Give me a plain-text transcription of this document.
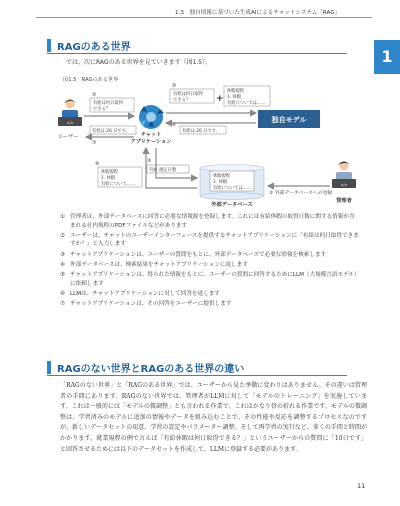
1.3　独自情報に基づいた生成AIによるチャットシステム「RAG」
1
RAGのある世界
では、次にRAGのある世界を見ていきます（図1.5）。
図1.5　RAGのある世界
</>
ユーザー
②
有給は何日取得
できる？
有給は 20 日です。
⑦
チャット
アプリケーション
⑤
有給は何日取得
できる？	+
休暇規程
1. 休暇
有給については……
⑥
有給は 20 日です。
独自モデル
④
休暇規程
1. 休暇
有給について……
③
有給 規定日数
休暇規程
1. 休暇
有給については……
外部データベース
① 外部データベースへの登録
</>
管理者
① 管理者は、外部データベースに回答に必要な情報源を登録します。これには有給休暇の取得日数に関する情報が含まれる社内規程のPDFファイルなどがあります
② ユーザーは、チャットのユーザーインターフェースを提供するチャットアプリケーションに「有給は何日取得できますか？」と入力します
③ チャットアプリケーションは、ユーザーの質問をもとに、外部データベースで必要な情報を検索します
④ 外部データベースは、検索結果をチャットアプリケーションに返します
⑤ チャットアプリケーションは、得られた情報をもとに、ユーザーの質問に回答するためにLLM（大規模言語モデル）に依頼します
⑥ LLMは、チャットアプリケーションに対して回答を返します
⑦ チャットアプリケーションは、その回答をユーザーに提供します
RAGのない世界とRAGのある世界の違い

「RAGのない世界」と「RAGのある世界」では、ユーザーから見た挙動に変わりはありません。その違いは管理者の手間にあります。RAGのない世界では、管理者がLLMに対して「モデルのトレーニング」を実施しています。これは一般的には「モデルの微調整」とも言われる作業で、これはかなり骨の折れる作業です。モデルの微調整は、学習済みのモデルに追加の情報やデータを組み込むことで、その性能や反応を調整するプロセスなのですが、新しいデータセットの用意、学習の設定やパラメーター調整、そして再学習の実行など、多くの手間と時間がかかります。就業規程の例で言えば「有給休暇は何日取得できる？」というユーザーからの質問に「10日です」と回答させるためには以下のデータセットを作成して、LLMに登録する必要があります。

11
